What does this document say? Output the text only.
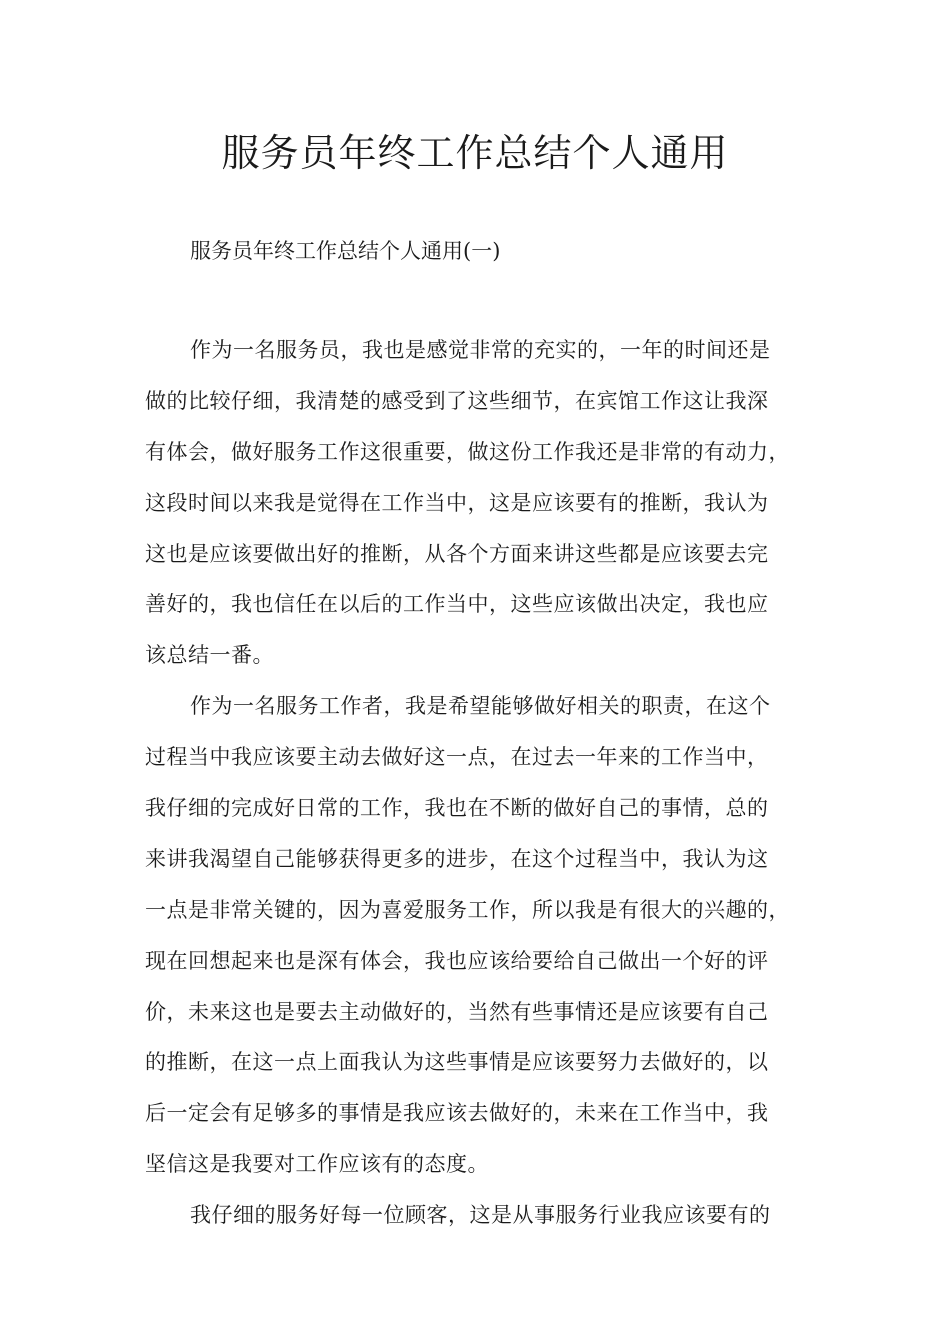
服务员年终工作总结个人通用

服务员年终工作总结个人通用(一)

作为一名服务员，我也是感觉非常的充实的，一年的时间还是
做的比较仔细，我清楚的感受到了这些细节，在宾馆工作这让我深
有体会，做好服务工作这很重要，做这份工作我还是非常的有动力，
这段时间以来我是觉得在工作当中，这是应该要有的推断，我认为
这也是应该要做出好的推断，从各个方面来讲这些都是应该要去完
善好的，我也信任在以后的工作当中，这些应该做出决定，我也应
该总结一番。
作为一名服务工作者，我是希望能够做好相关的职责，在这个
过程当中我应该要主动去做好这一点，在过去一年来的工作当中，
我仔细的完成好日常的工作，我也在不断的做好自己的事情，总的
来讲我渴望自己能够获得更多的进步，在这个过程当中，我认为这
一点是非常关键的，因为喜爱服务工作，所以我是有很大的兴趣的，
现在回想起来也是深有体会，我也应该给要给自己做出一个好的评
价，未来这也是要去主动做好的，当然有些事情还是应该要有自己
的推断，在这一点上面我认为这些事情是应该要努力去做好的，以
后一定会有足够多的事情是我应该去做好的，未来在工作当中，我
坚信这是我要对工作应该有的态度。
我仔细的服务好每一位顾客，这是从事服务行业我应该要有的
